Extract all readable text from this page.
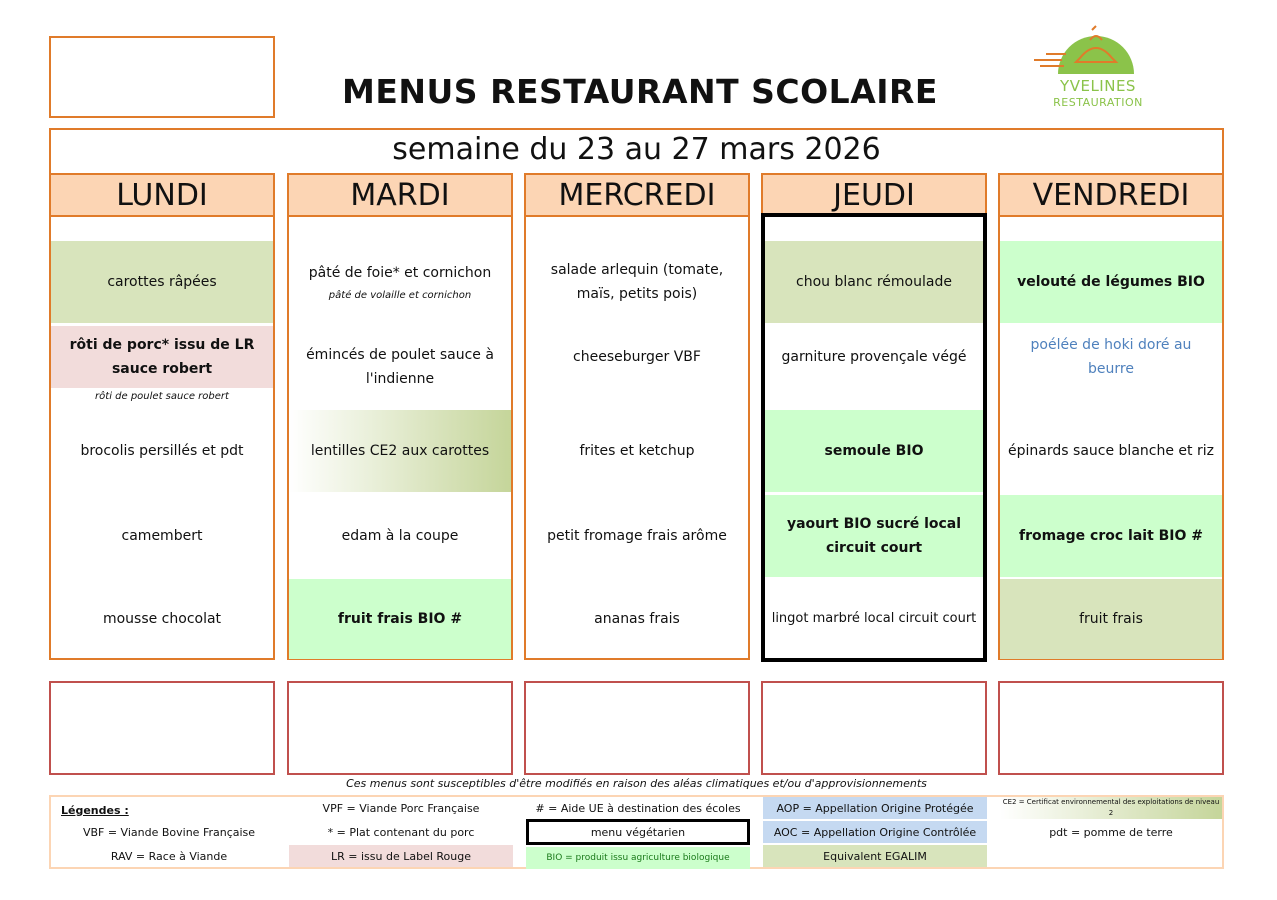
MENUS RESTAURANT SCOLAIRE	YVELINES
RESTAURATION
semaine du 23 au 27 mars 2026
LUNDI
carottes râpées
rôti de porc* issu de LR sauce robert
rôti de poulet sauce robert
brocolis persillés et pdt
camembert
mousse chocolat
MARDI
pâté de foie* et cornichon
pâté de volaille et cornichon
émincés de poulet sauce à l'indienne
lentilles CE2 aux carottes
edam à la coupe
fruit frais BIO #
MERCREDI
salade arlequin (tomate, maïs, petits pois)
cheeseburger VBF
frites et ketchup
petit fromage frais arôme
ananas frais
JEUDI
chou blanc rémoulade
garniture provençale végé
semoule BIO
yaourt BIO sucré local circuit court
lingot marbré local circuit court
VENDREDI
velouté de légumes BIO
poélée de hoki doré au beurre
épinards sauce blanche et riz
fromage croc lait BIO #
fruit frais
Ces menus sont susceptibles d'être modifiés en raison des aléas climatiques et/ou d'approvisionnements
Légendes :
VBF = Viande Bovine Française
RAV = Race à Viande
VPF = Viande Porc Française
* = Plat contenant du porc
LR = issu de Label Rouge
# = Aide UE à destination des écoles
menu végétarien
BIO = produit issu agriculture biologique
AOP = Appellation Origine Protégée
AOC = Appellation Origine Contrôlée
Equivalent EGALIM
CE2 = Certificat environnemental des exploitations de niveau 2
pdt = pomme de terre
